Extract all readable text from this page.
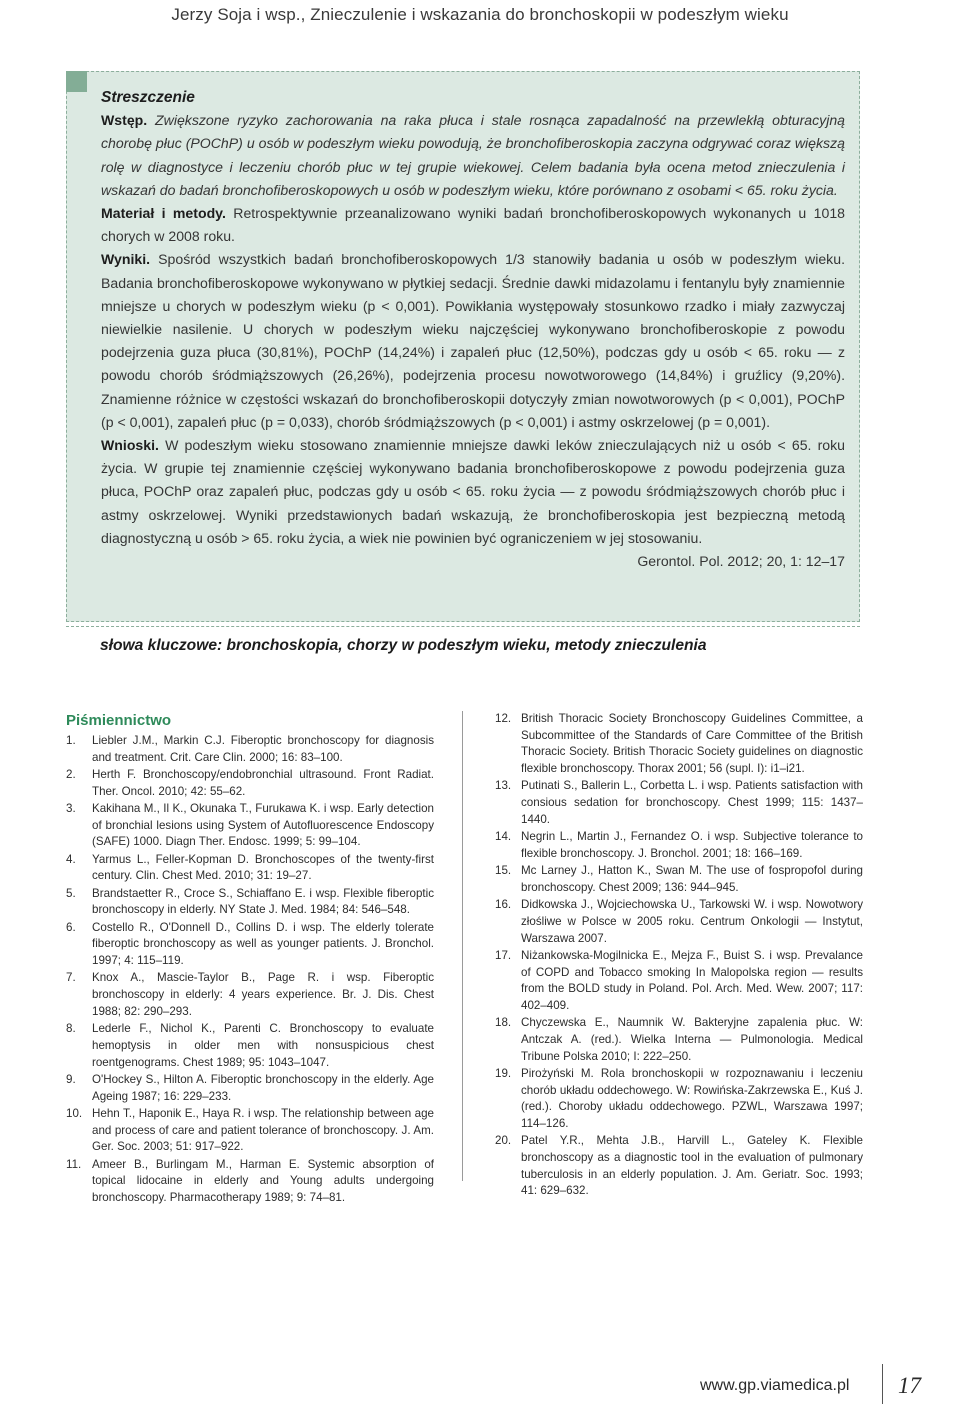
Jerzy Soja i wsp., Znieczulenie i wskazania do bronchoskopii w podeszłym wieku

Streszczenie

Wstęp. Zwiększone ryzyko zachorowania na raka płuca i stale rosnąca zapadalność na przewlekłą obturacyjną chorobę płuc (POChP) u osób w podeszłym wieku powodują, że bronchofiberoskopia zaczyna odgrywać coraz większą rolę w diagnostyce i leczeniu chorób płuc w tej grupie wiekowej. Celem badania była ocena metod znieczulenia i wskazań do badań bronchofiberoskopowych u osób w podeszłym wieku, które porównano z osobami < 65. roku życia.

Materiał i metody. Retrospektywnie przeanalizowano wyniki badań bronchofiberoskopowych wykonanych u 1018 chorych w 2008 roku.

Wyniki. Spośród wszystkich badań bronchofiberoskopowych 1/3 stanowiły badania u osób w podeszłym wieku. Badania bronchofiberoskopowe wykonywano w płytkiej sedacji. Średnie dawki midazolamu i fentanylu były znamiennie mniejsze u chorych w podeszłym wieku (p < 0,001). Powikłania występowały stosunkowo rzadko i miały zazwyczaj niewielkie nasilenie. U chorych w podeszłym wieku najczęściej wykonywano bronchofiberoskopie z powodu podejrzenia guza płuca (30,81%), POChP (14,24%) i zapaleń płuc (12,50%), podczas gdy u osób < 65. roku — z powodu chorób śródmiąższowych (26,26%), podejrzenia procesu nowotworowego (14,84%) i gruźlicy (9,20%). Znamienne różnice w częstości wskazań do bronchofiberoskopii dotyczyły zmian nowotworowych (p < 0,001), POChP (p < 0,001), zapaleń płuc (p = 0,033), chorób śródmiąższowych (p < 0,001) i astmy oskrzelowej (p = 0,001).

Wnioski. W podeszłym wieku stosowano znamiennie mniejsze dawki leków znieczulających niż u osób < 65. roku życia. W grupie tej znamiennie częściej wykonywano badania bronchofiberoskopowe z powodu podejrzenia guza płuca, POChP oraz zapaleń płuc, podczas gdy u osób < 65. roku życia — z powodu śródmiąższowych chorób płuc i astmy oskrzelowej. Wyniki przedstawionych badań wskazują, że bronchofiberoskopia jest bezpieczną metodą diagnostyczną u osób > 65. roku życia, a wiek nie powinien być ograniczeniem w jej stosowaniu.

Gerontol. Pol. 2012; 20, 1: 12–17

słowa kluczowe: bronchoskopia, chorzy w podeszłym wieku, metody znieczulenia
Piśmiennictwo
1. Liebler J.M., Markin C.J. Fiberoptic bronchoscopy for diagnosis and treatment. Crit. Care Clin. 2000; 16: 83–100.
2. Herth F. Bronchoscopy/endobronchial ultrasound. Front Radiat. Ther. Oncol. 2010; 42: 55–62.
3. Kakihana M., Il K., Okunaka T., Furukawa K. i wsp. Early detection of bronchial lesions using System of Autofluorescence Endoscopy (SAFE) 1000. Diagn Ther. Endosc. 1999; 5: 99–104.
4. Yarmus L., Feller-Kopman D. Bronchoscopes of the twenty-first century. Clin. Chest Med. 2010; 31: 19–27.
5. Brandstaetter R., Croce S., Schiaffano E. i wsp. Flexible fiberoptic bronchoscopy in elderly. NY State J. Med. 1984; 84: 546–548.
6. Costello R., O'Donnell D., Collins D. i wsp. The elderly tolerate fiberoptic bronchoscopy as well as younger patients. J. Bronchol. 1997; 4: 115–119.
7. Knox A., Mascie-Taylor B., Page R. i wsp. Fiberoptic bronchoscopy in elderly: 4 years experience. Br. J. Dis. Chest 1988; 82: 290–293.
8. Lederle F., Nichol K., Parenti C. Bronchoscopy to evaluate hemoptysis in older men with nonsuspicious chest roentgenograms. Chest 1989; 95: 1043–1047.
9. O'Hockey S., Hilton A. Fiberoptic bronchoscopy in the elderly. Age Ageing 1987; 16: 229–233.
10. Hehn T., Haponik E., Haya R. i wsp. The relationship between age and process of care and patient tolerance of bronchoscopy. J. Am. Ger. Soc. 2003; 51: 917–922.
11. Ameer B., Burlingam M., Harman E. Systemic absorption of topical lidocaine in elderly and Young adults undergoing bronchoscopy. Pharmacotherapy 1989; 9: 74–81.
12. British Thoracic Society Bronchoscopy Guidelines Committee, a Subcommittee of the Standards of Care Committee of the British Thoracic Society. British Thoracic Society guidelines on diagnostic flexible bronchoscopy. Thorax 2001; 56 (supl. I): i1–i21.
13. Putinati S., Ballerin L., Corbetta L. i wsp. Patients satisfaction with consious sedation for bronchoscopy. Chest 1999; 115: 1437–1440.
14. Negrin L., Martin J., Fernandez O. i wsp. Subjective tolerance to flexible bronchoscopy. J. Bronchol. 2001; 18: 166–169.
15. Mc Larney J., Hatton K., Swan M. The use of fospropofol during bronchoscopy. Chest 2009; 136: 944–945.
16. Didkowska J., Wojciechowska U., Tarkowski W. i wsp. Nowotwory złośliwe w Polsce w 2005 roku. Centrum Onkologii — Instytut, Warszawa 2007.
17. Niżankowska-Mogilnicka E., Mejza F., Buist S. i wsp. Prevalance of COPD and Tobacco smoking In Malopolska region — results from the BOLD study in Poland. Pol. Arch. Med. Wew. 2007; 117: 402–409.
18. Chyczewska E., Naumnik W. Bakteryjne zapalenia płuc. W: Antczak A. (red.). Wielka Interna — Pulmonologia. Medical Tribune Polska 2010; I: 222–250.
19. Pirożyński M. Rola bronchoskopii w rozpoznawaniu i leczeniu chorób układu oddechowego. W: Rowińska-Zakrzewska E., Kuś J. (red.). Choroby układu oddechowego. PZWL, Warszawa 1997; 114–126.
20. Patel Y.R., Mehta J.B., Harvill L., Gateley K. Flexible bronchoscopy as a diagnostic tool in the evaluation of pulmonary tuberculosis in an elderly population. J. Am. Geriatr. Soc. 1993; 41: 629–632.
www.gp.viamedica.pl 17
